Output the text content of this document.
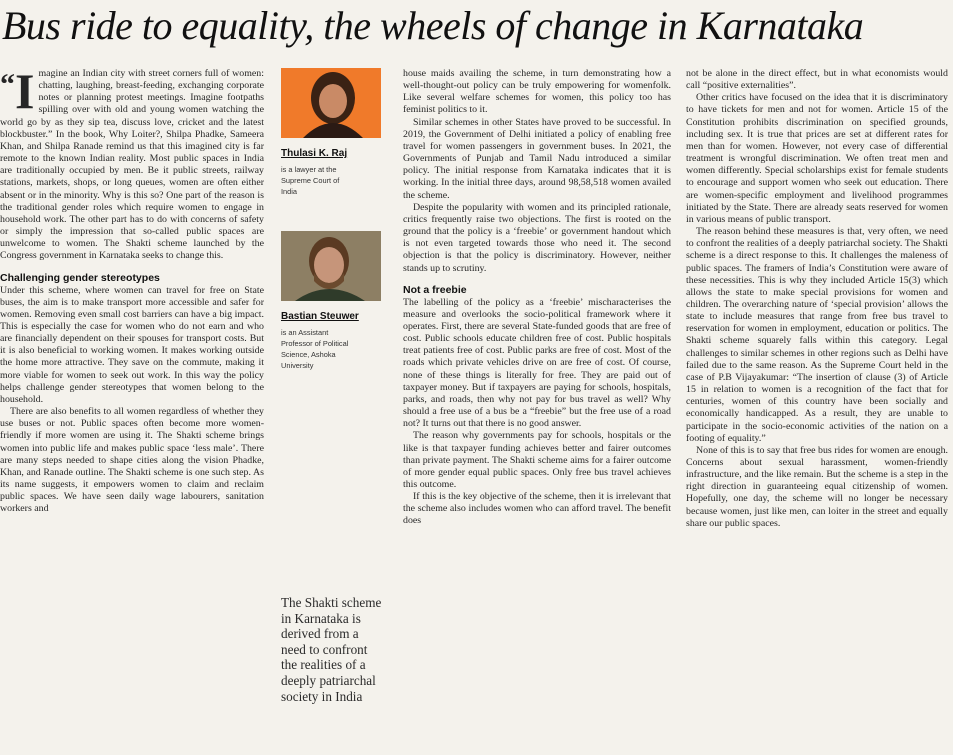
Bus ride to equality, the wheels of change in Karnataka

“I magine an Indian city with street corners full of women: chatting, laughing, breast-feeding, exchanging corporate notes or planning protest meetings. Imagine footpaths spilling over with old and young women watching the world go by as they sip tea, discuss love, cricket and the latest blockbuster.” In the book, Why Loiter?, Shilpa Phadke, Sameera Khan, and Shilpa Ranade remind us that this imagined city is far remote to the known Indian reality. Most public spaces in India are traditionally occupied by men. Be it public streets, railway stations, markets, shops, or long queues, women are often either absent or in the minority. Why is this so? One part of the reason is the traditional gender roles which require women to engage in household work. The other part has to do with concerns of safety or simply the impression that so-called public spaces are unwelcome to women. The Shakti scheme launched by the Congress government in Karnataka seeks to change this.

Challenging gender stereotypes

Under this scheme, where women can travel for free on State buses, the aim is to make transport more accessible and safer for women. Removing even small cost barriers can have a big impact. This is especially the case for women who do not earn and who are financially dependent on their spouses for transport costs. But it is also beneficial to working women. It makes working outside the home more attractive. They save on the commute, making it more viable for women to seek out work. In this way the policy helps challenge gender stereotypes that women belong to the household.

There are also benefits to all women regardless of whether they use buses or not. Public spaces often become more women-friendly if more women are using it. The Shakti scheme brings women into public life and makes public space ‘less male’. There are many steps needed to shape cities along the vision Phadke, Khan, and Ranade outline. The Shakti scheme is one such step. As its name suggests, it empowers women to claim and reclaim public spaces. We have seen daily wage labourers, sanitation workers and

Thulasi K. Raj
is a lawyer at the Supreme Court of India
Bastian Steuwer
is an Assistant Professor of Political Science, Ashoka University
The Shakti scheme in Karnataka is derived from a need to confront the realities of a deeply patriarchal society in India

house maids availing the scheme, in turn demonstrating how a well-thought-out policy can be truly empowering for womenfolk. Like several welfare schemes for women, this policy too has feminist politics to it.

Similar schemes in other States have proved to be successful. In 2019, the Government of Delhi initiated a policy of enabling free travel for women passengers in government buses. In 2021, the Governments of Punjab and Tamil Nadu introduced a similar policy. The initial response from Karnataka indicates that it is working. In the initial three days, around 98,58,518 women availed the scheme.

Despite the popularity with women and its principled rationale, critics frequently raise two objections. The first is rooted on the ground that the policy is a ‘freebie’ or government handout which is not even targeted towards those who need it. The second objection is that the policy is discriminatory. However, neither stands up to scrutiny.

Not a freebie

The labelling of the policy as a ‘freebie’ mischaracterises the measure and overlooks the socio-political framework where it operates. First, there are several State-funded goods that are free of cost. Public schools educate children free of cost. Public hospitals treat patients free of cost. Public parks are free of cost. Most of the roads which private vehicles drive on are free of cost. Of course, none of these things is literally for free. They are paid out of taxpayer money. But if taxpayers are paying for schools, hospitals, parks, and roads, then why not pay for bus travel as well? Why should a free use of a bus be a “freebie” but the free use of a road not? It turns out that there is no good answer.

The reason why governments pay for schools, hospitals or the like is that taxpayer funding achieves better and fairer outcomes than private payment. The Shakti scheme aims for a fairer outcome of more gender equal public spaces. Only free bus travel achieves this outcome.

If this is the key objective of the scheme, then it is irrelevant that the scheme also includes women who can afford travel. The benefit does

not be alone in the direct effect, but in what economists would call “positive externalities”.

Other critics have focused on the idea that it is discriminatory to have tickets for men and not for women. Article 15 of the Constitution prohibits discrimination on specified grounds, including sex. It is true that prices are set at different rates for men than for women. However, not every case of differential treatment is wrongful discrimination. We often treat men and women differently. Special scholarships exist for female students to encourage and support women who seek out education. There are women-specific employment and livelihood programmes initiated by the State. There are already seats reserved for women in various means of public transport.

The reason behind these measures is that, very often, we need to confront the realities of a deeply patriarchal society. The Shakti scheme is a direct response to this. It challenges the maleness of public spaces. The framers of India’s Constitution were aware of these necessities. This is why they included Article 15(3) which allows the state to make special provisions for women and children. The overarching nature of ‘special provision’ allows the state to include measures that range from free bus travel to reservation for women in employment, education or politics. The Shakti scheme squarely falls within this category. Legal challenges to similar schemes in other regions such as Delhi have failed due to the same reason. As the Supreme Court held in the case of P.B Vijayakumar: “The insertion of clause (3) of Article 15 in relation to women is a recognition of the fact that for centuries, women of this country have been socially and economically handicapped. As a result, they are unable to participate in the socio-economic activities of the nation on a footing of equality.”

None of this is to say that free bus rides for women are enough. Concerns about sexual harassment, women-friendly infrastructure, and the like remain. But the scheme is a step in the right direction in guaranteeing equal citizenship of women. Hopefully, one day, the scheme will no longer be necessary because women, just like men, can loiter in the street and equally share our public spaces.
